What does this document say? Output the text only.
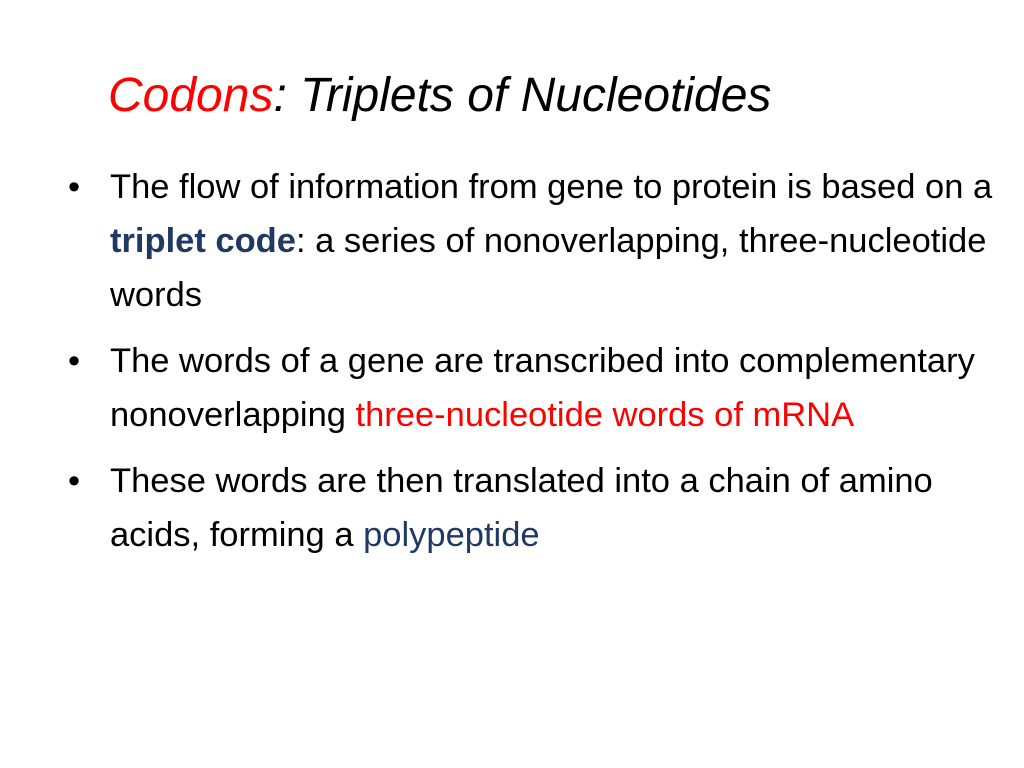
Codons: Triplets of Nucleotides
• The flow of information from gene to protein is based on a triplet code: a series of nonoverlapping, three-nucleotide words
• The words of a gene are transcribed into complementary nonoverlapping three-nucleotide words of mRNA
• These words are then translated into a chain of amino acids, forming a polypeptide
